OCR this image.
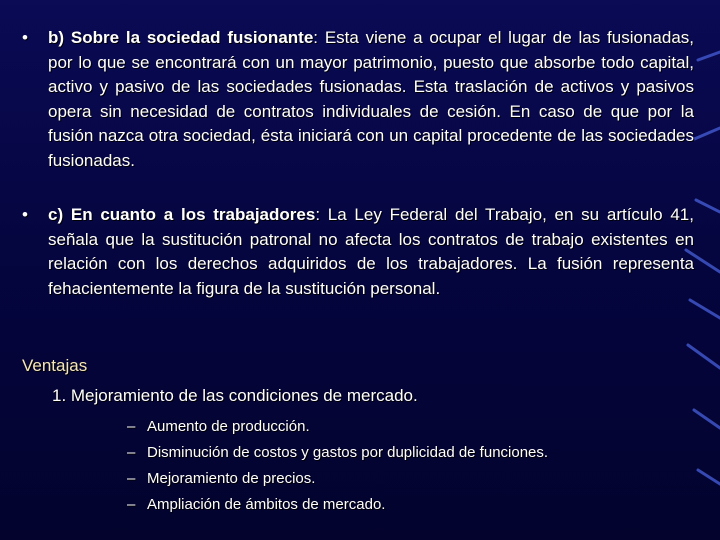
• b) Sobre la sociedad fusionante: Esta viene a ocupar el lugar de las fusionadas, por lo que se encontrará con un mayor patrimonio, puesto que absorbe todo capital, activo y pasivo de las sociedades fusionadas. Esta traslación de activos y pasivos opera sin necesidad de contratos individuales de cesión. En caso de que por la fusión nazca otra sociedad, ésta iniciará con un capital procedente de las sociedades fusionadas.
• c) En cuanto a los trabajadores: La Ley Federal del Trabajo, en su artículo 41, señala que la sustitución patronal no afecta los contratos de trabajo existentes en relación con los derechos adquiridos de los trabajadores. La fusión representa fehacientemente la figura de la sustitución personal.
Ventajas
1. Mejoramiento de las condiciones de mercado.
– Aumento de producción.
– Disminución de costos y gastos por duplicidad de funciones.
– Mejoramiento de precios.
– Ampliación de ámbitos de mercado.
